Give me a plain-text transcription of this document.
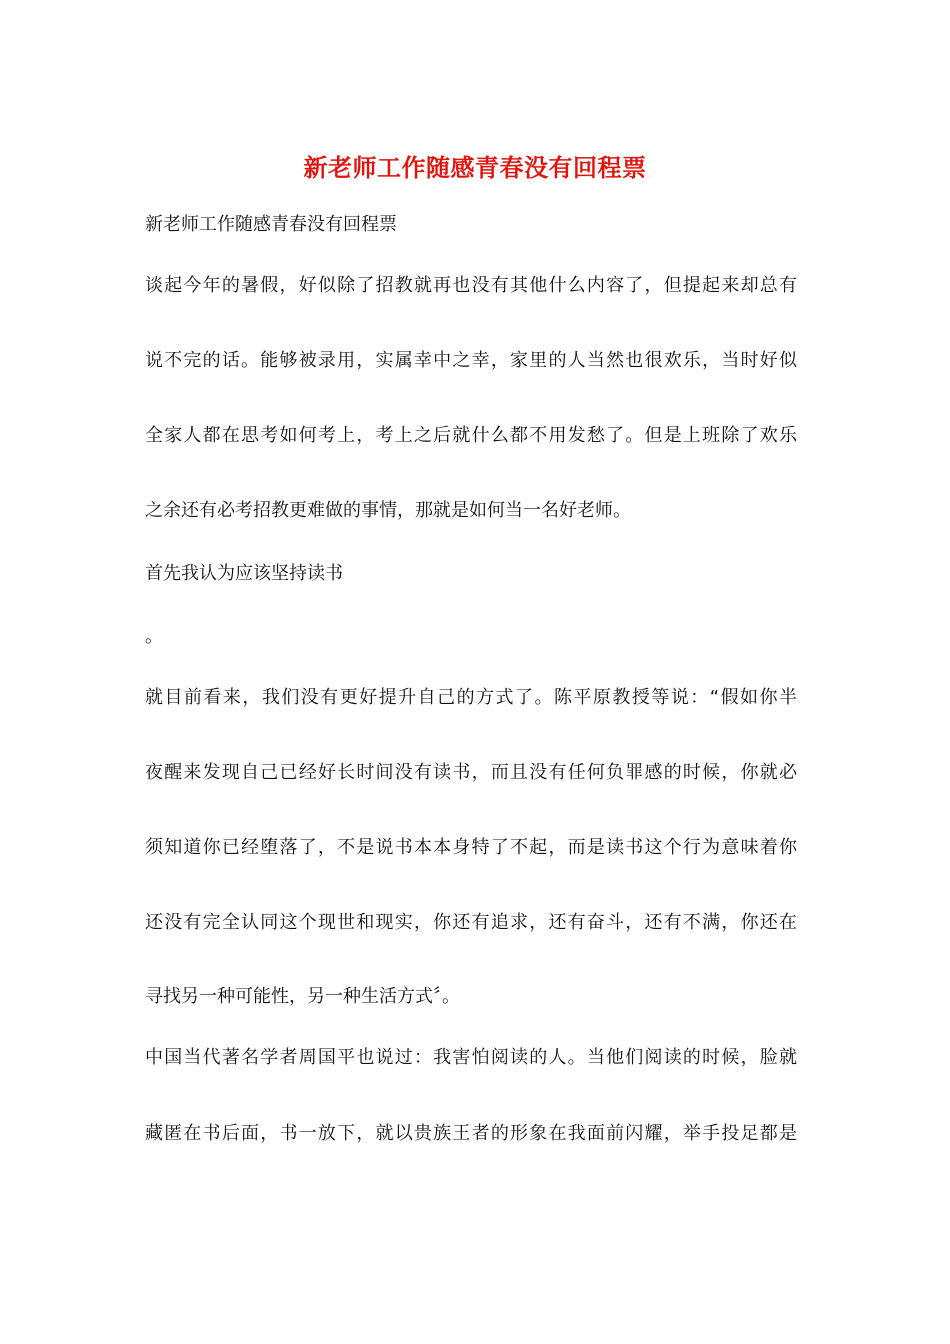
新老师工作随感青春没有回程票
新老师工作随感青春没有回程票
谈起今年的暑假，好似除了招教就再也没有其他什么内容了，但提起来却总有
说不完的话。能够被录用，实属幸中之幸，家里的人当然也很欢乐，当时好似
全家人都在思考如何考上，考上之后就什么都不用发愁了。但是上班除了欢乐
之余还有必考招教更难做的事情，那就是如何当一名好老师。
首先我认为应该坚持读书
。
就目前看来，我们没有更好提升自己的方式了。陈平原教授等说：“假如你半
夜醒来发现自己已经好长时间没有读书，而且没有任何负罪感的时候，你就必
须知道你已经堕落了，不是说书本本身特了不起，而是读书这个行为意味着你
还没有完全认同这个现世和现实，你还有追求，还有奋斗，还有不满，你还在
寻找另一种可能性，另一种生活方式〞。
中国当代著名学者周国平也说过：我害怕阅读的人。当他们阅读的时候，脸就
藏匿在书后面，书一放下，就以贵族王者的形象在我面前闪耀，举手投足都是
